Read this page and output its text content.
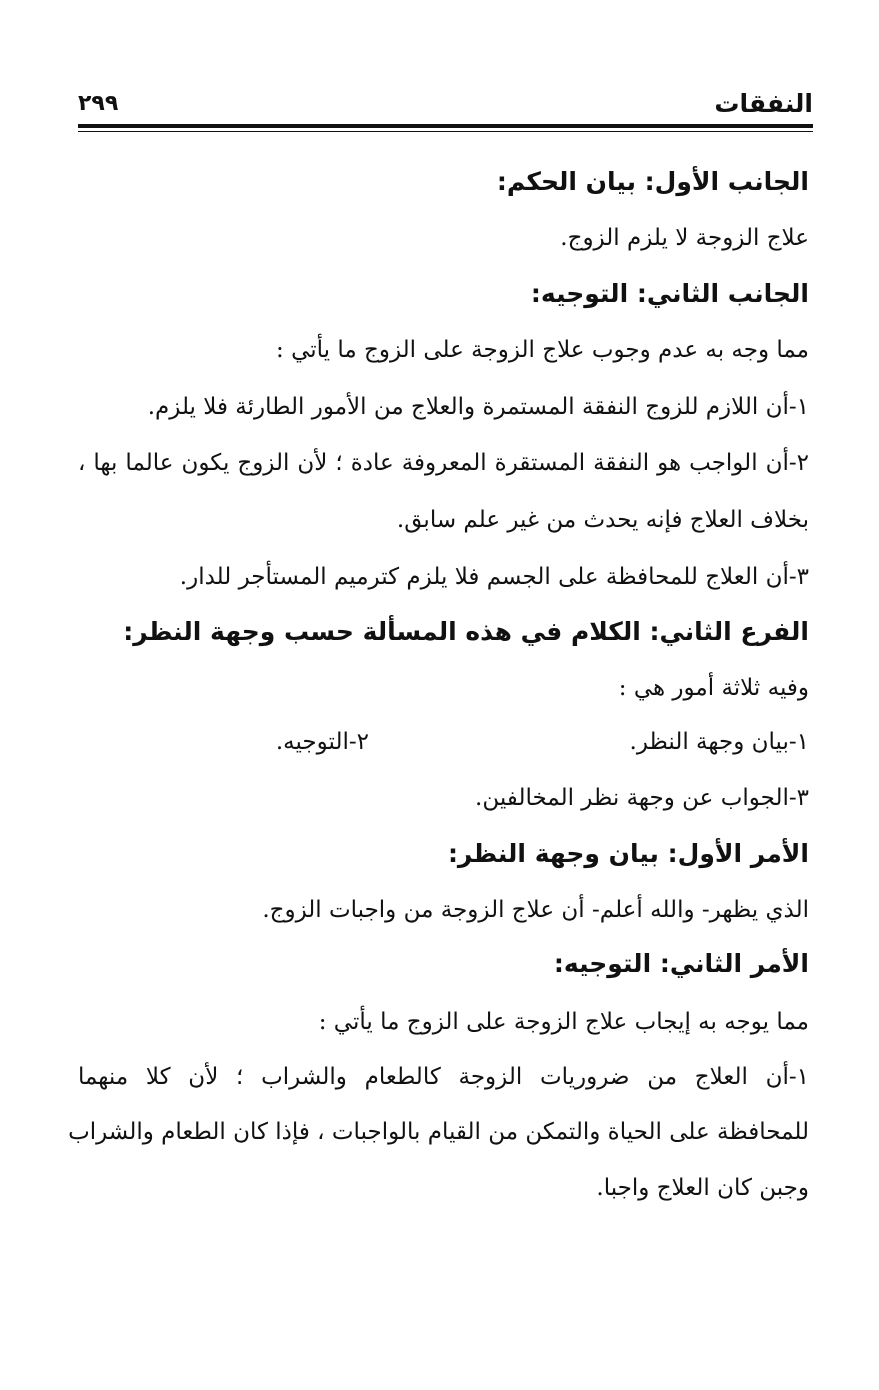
النفقات
٢٩٩
الجانب الأول: بيان الحكم:
علاج الزوجة لا يلزم الزوج.
الجانب الثاني: التوجيه:
مما وجه به عدم وجوب علاج الزوجة على الزوج ما يأتي :
١-أن اللازم للزوج النفقة المستمرة والعلاج من الأمور الطارئة فلا يلزم.
٢-أن الواجب هو النفقة المستقرة المعروفة عادة ؛ لأن الزوج يكون عالما بها ،
بخلاف العلاج فإنه يحدث من غير علم سابق.
٣-أن العلاج للمحافظة على الجسم فلا يلزم كترميم المستأجر للدار.
الفرع الثاني: الكلام في هذه المسألة حسب وجهة النظر:
وفيه ثلاثة أمور هي :
١-بيان وجهة النظر.
٢-التوجيه.
٣-الجواب عن وجهة نظر المخالفين.
الأمر الأول: بيان وجهة النظر:
الذي يظهر- والله أعلم- أن علاج الزوجة من واجبات الزوج.
الأمر الثاني: التوجيه:
مما يوجه به إيجاب علاج الزوجة على الزوج ما يأتي :
١-أن العلاج من ضروريات الزوجة كالطعام والشراب ؛ لأن كلا منهما
للمحافظة على الحياة والتمكن من القيام بالواجبات ، فإذا كان الطعام والشراب
وجبن كان العلاج واجبا.
